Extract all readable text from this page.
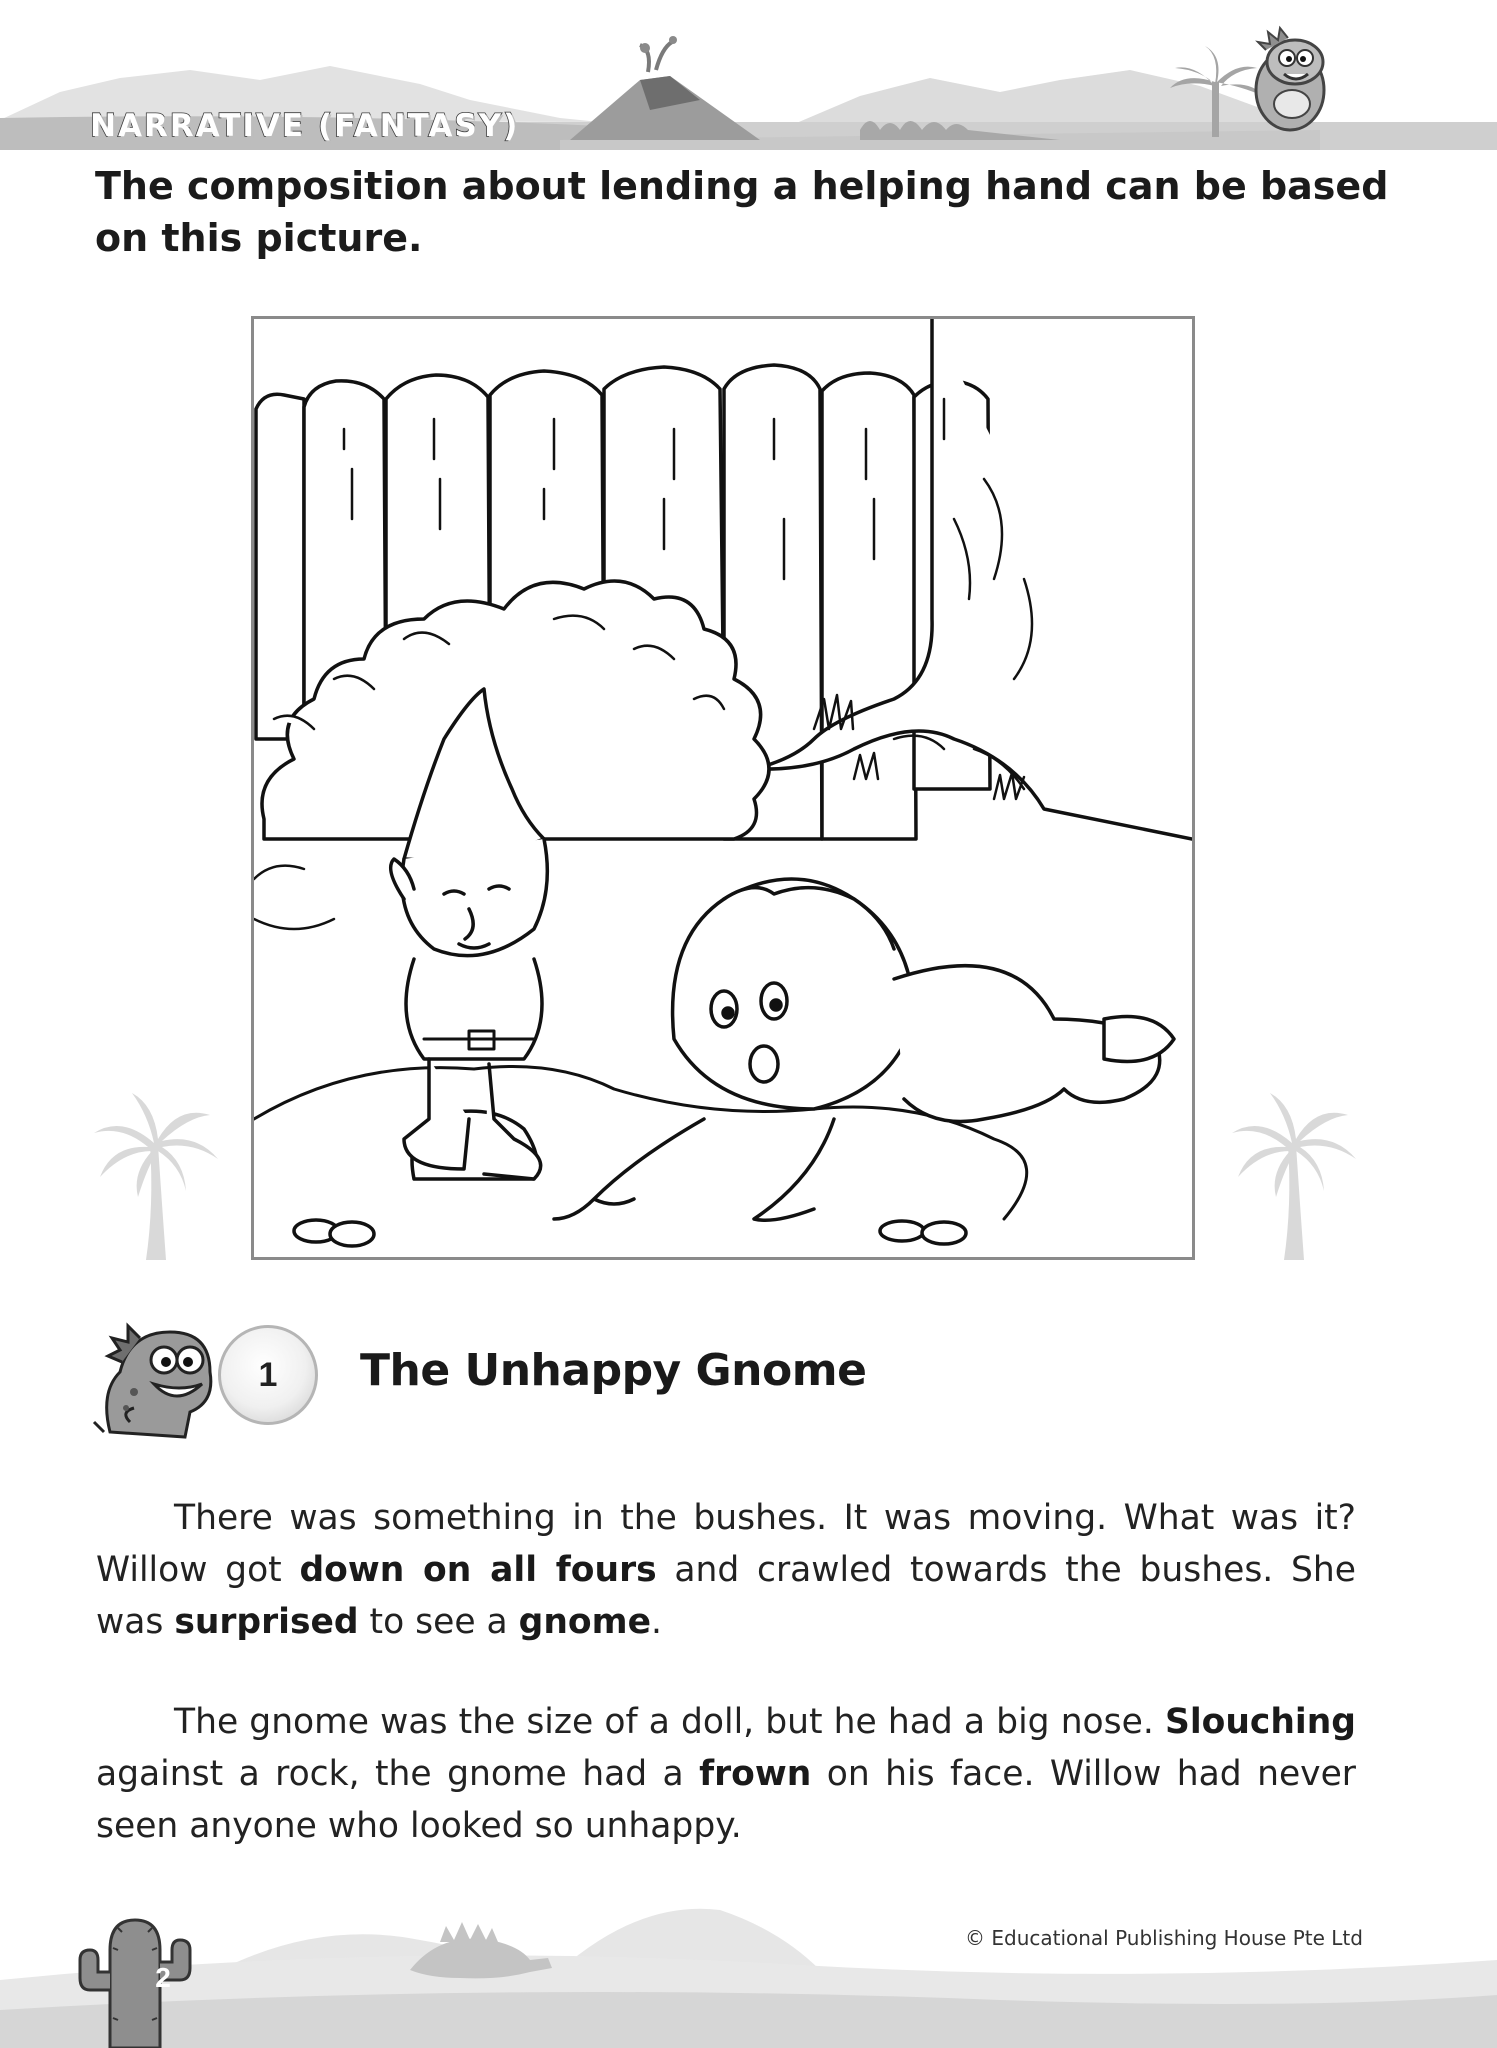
NARRATIVE (FANTASY)
The composition about lending a helping hand can be based on this picture.
1	The Unhappy Gnome

There was something in the bushes. It was moving. What was it? Willow got down on all fours and crawled towards the bushes. She was surprised to see a gnome.

The gnome was the size of a doll, but he had a big nose. Slouching against a rock, the gnome had a frown on his face. Willow had never seen anyone who looked so unhappy.

© Educational Publishing House Pte Ltd
2
